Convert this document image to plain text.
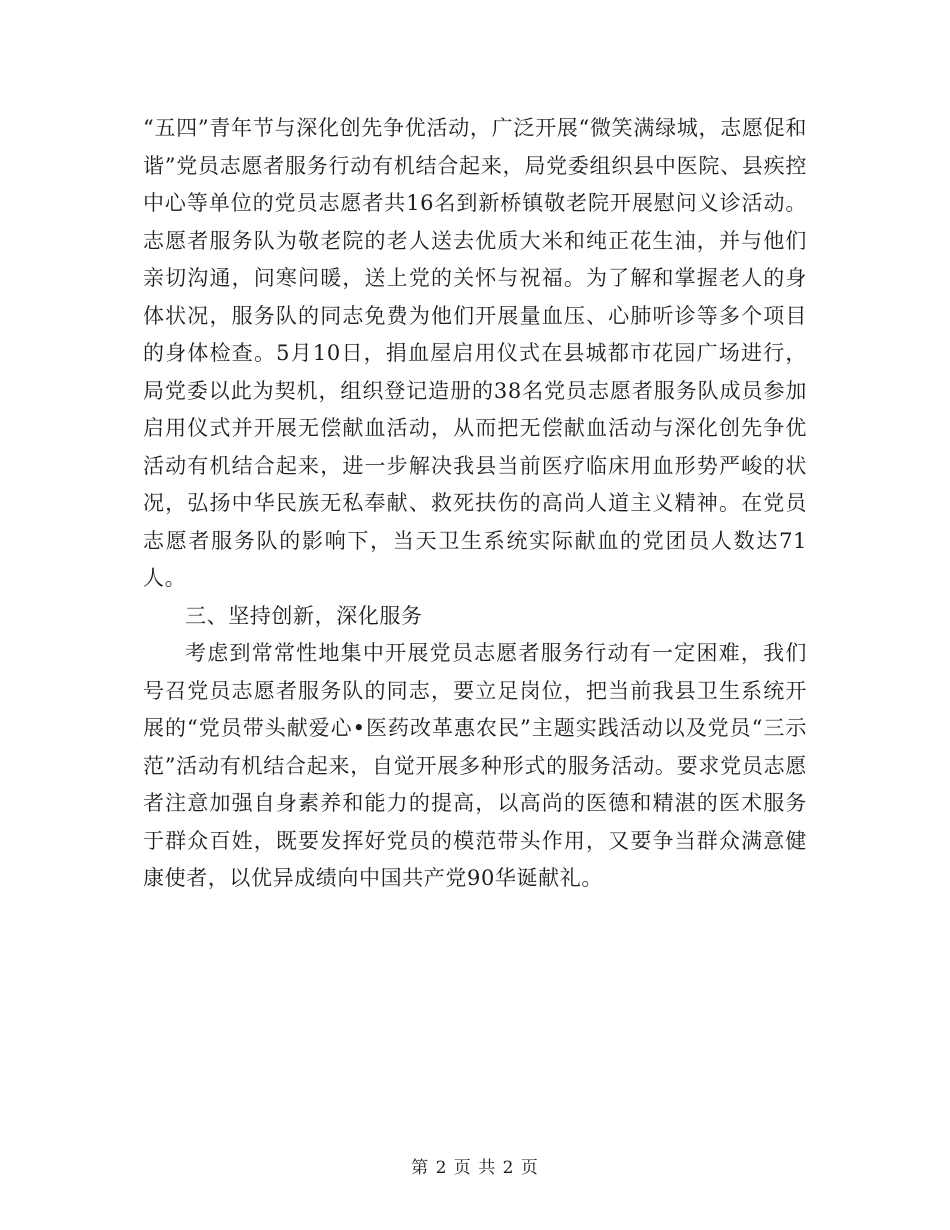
“五四”青年节与深化创先争优活动，广泛开展“微笑满绿城，志愿促和谐”党员志愿者服务行动有机结合起来，局党委组织县中医院、县疾控中心等单位的党员志愿者共16名到新桥镇敬老院开展慰问义诊活动。志愿者服务队为敬老院的老人送去优质大米和纯正花生油，并与他们亲切沟通，问寒问暖，送上党的关怀与祝福。为了解和掌握老人的身体状况，服务队的同志免费为他们开展量血压、心肺听诊等多个项目的身体检查。5月10日，捐血屋启用仪式在县城都市花园广场进行，局党委以此为契机，组织登记造册的38名党员志愿者服务队成员参加启用仪式并开展无偿献血活动，从而把无偿献血活动与深化创先争优活动有机结合起来，进一步解决我县当前医疗临床用血形势严峻的状况，弘扬中华民族无私奉献、救死扶伤的高尚人道主义精神。在党员志愿者服务队的影响下，当天卫生系统实际献血的党团员人数达71人。

三、坚持创新，深化服务

考虑到常常性地集中开展党员志愿者服务行动有一定困难，我们号召党员志愿者服务队的同志，要立足岗位，把当前我县卫生系统开展的“党员带头献爱心•医药改革惠农民”主题实践活动以及党员“三示范”活动有机结合起来，自觉开展多种形式的服务活动。要求党员志愿者注意加强自身素养和能力的提高，以高尚的医德和精湛的医术服务于群众百姓，既要发挥好党员的模范带头作用，又要争当群众满意健康使者，以优异成绩向中国共产党90华诞献礼。

第 2 页 共 2 页
